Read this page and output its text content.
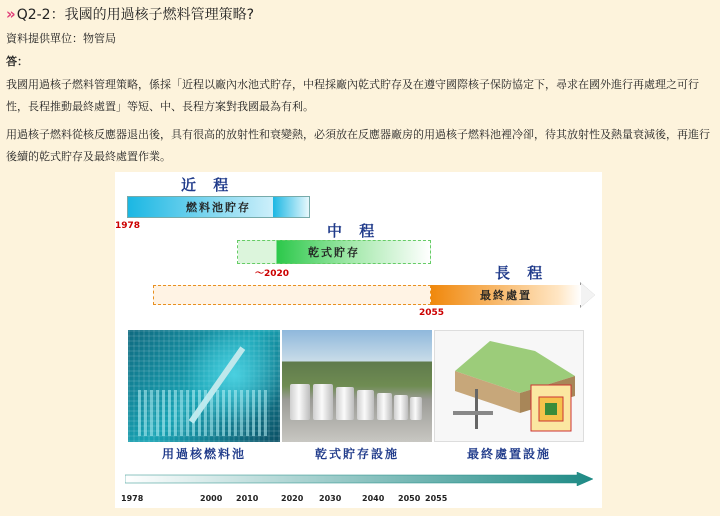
» Q2-2：我國的用過核子燃料管理策略?
資料提供單位：物管局
答：
我國用過核子燃料管理策略，係採「近程以廠內水池式貯存，中程採廠內乾式貯存及在遵守國際核子保防協定下，尋求在國外進行再處理之可行性，長程推動最終處置」等短、中、長程方案對我國最為有利。
用過核子燃料從核反應器退出後，具有很高的放射性和衰變熱，必須放在反應器廠房的用過核子燃料池裡冷卻，待其放射性及熱量衰減後，再進行後續的乾式貯存及最終處置作業。
近 程
燃料池貯存
1978	中 程
乾式貯存
～2020	長 程
最終處置
2055
用過核燃料池	乾式貯存設施	最終處置設施
1978	2000 2010	2020 2030	2040 2050 2055
